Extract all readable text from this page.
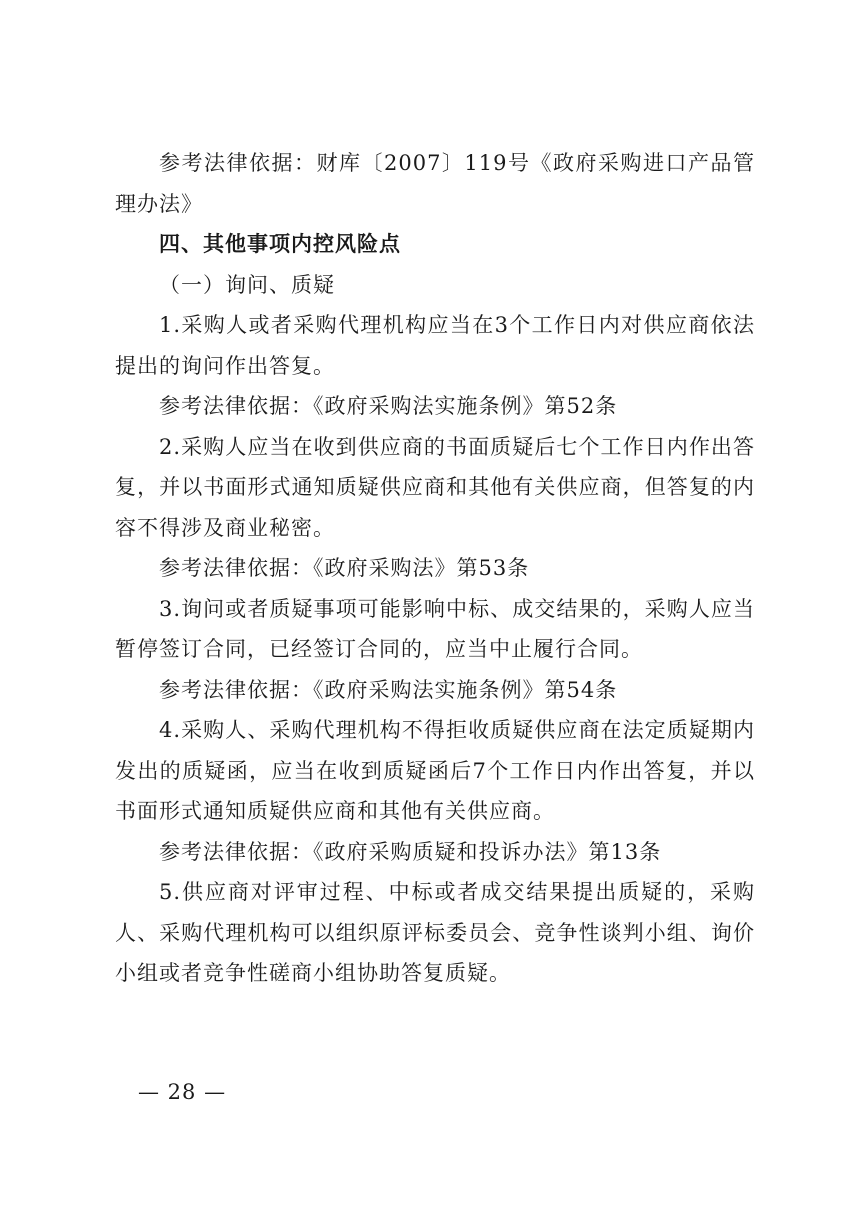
参考法律依据：财库〔2007〕119号《政府采购进口产品管理办法》

四、其他事项内控风险点

（一）询问、质疑

1.采购人或者采购代理机构应当在3个工作日内对供应商依法提出的询问作出答复。

参考法律依据：《政府采购法实施条例》第52条

2.采购人应当在收到供应商的书面质疑后七个工作日内作出答复，并以书面形式通知质疑供应商和其他有关供应商，但答复的内容不得涉及商业秘密。

参考法律依据：《政府采购法》第53条

3.询问或者质疑事项可能影响中标、成交结果的，采购人应当暂停签订合同，已经签订合同的，应当中止履行合同。

参考法律依据：《政府采购法实施条例》第54条

4.采购人、采购代理机构不得拒收质疑供应商在法定质疑期内发出的质疑函，应当在收到质疑函后7个工作日内作出答复，并以书面形式通知质疑供应商和其他有关供应商。

参考法律依据：《政府采购质疑和投诉办法》第13条

5.供应商对评审过程、中标或者成交结果提出质疑的，采购人、采购代理机构可以组织原评标委员会、竞争性谈判小组、询价小组或者竞争性磋商小组协助答复质疑。

— 28 —
